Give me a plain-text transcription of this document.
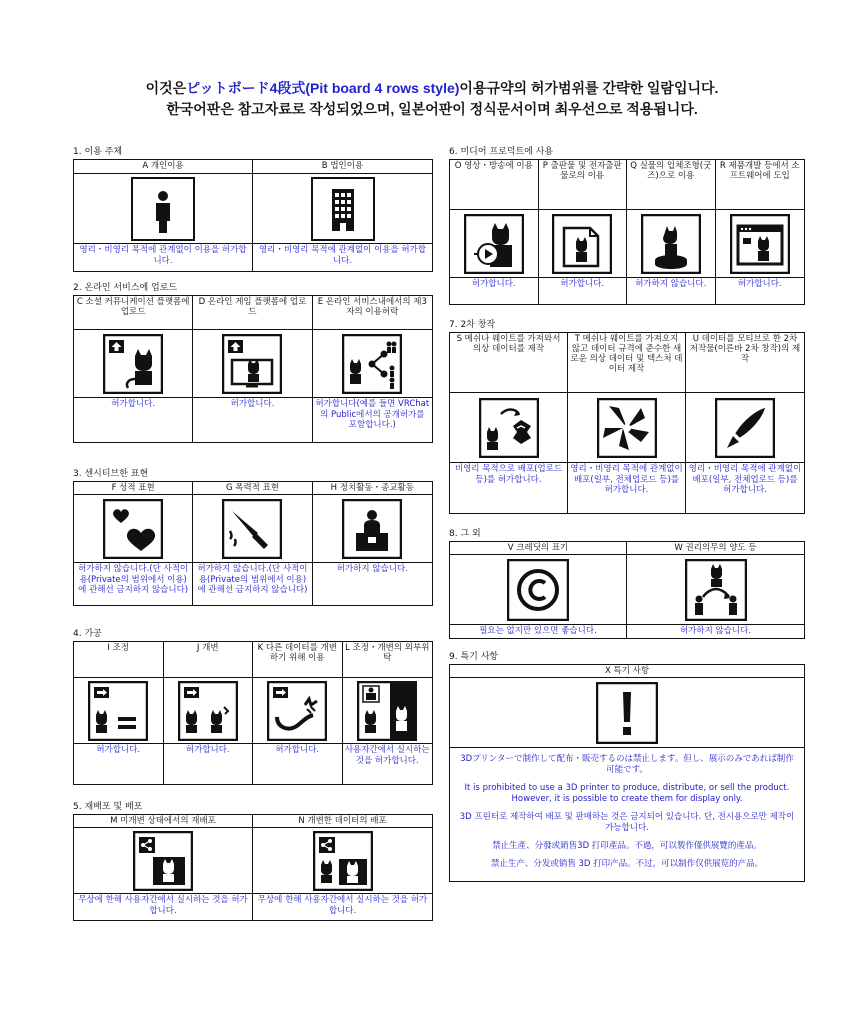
이것은ピットボード4段式(Pit board 4 rows style)이용규약의 허가범위를 간략한 일람입니다.
한국어판은 참고자료로 작성되었으며, 일본어판이 정식문서이며 최우선으로 적용됩니다.
1. 이용 주체
A 개인이용
영리・비영리 목적에 관계없이 이용을 허가합니다.
B 법인이용
영리・비영리 목적에 관계없이 이용을 허가합니다.
2. 온라인 서비스에 업로드
C 소셜 커뮤니케이션 플랫폼에 업로드
허가합니다.
D 온라인 게임 플랫폼에 업로드
허가합니다.
E 온라인 서비스내에서의 제3자의 이용허락
허가합니다(예를 들면 VRChat의 Public에서의 공개허가를 포함합니다.)
3. 센시티브한 표현
F 성적 표현
허가하지 않습니다.(단 사적이용(Private의 범위에서 이용)에 관해선 금지하지 않습니다)
G 폭력적 표현
허가하지 않습니다.(단 사적이용(Private의 범위에서 이용)에 관해선 금지하지 않습니다)
H 정치활동・종교활동
허가하지 않습니다.
4. 가공
I 조정
허가합니다.
J 개변
허가합니다.
K 다른 데이터를 개변하기 위해 이용
허가합니다.
L 조정・개변의 외부위탁
사용자간에서 실시하는 것을 허가합니다.
5. 재배포 및 배포
M 미개변 상태에서의 재배포
무상에 한해 사용자간에서 실시하는 것을 허가합니다.
N 개변한 데이터의 배포
무상에 한해 사용자간에서 실시하는 것을 허가합니다.
6. 미디어 프로덕트에 사용
O 영상・방송에 이용
허가합니다.
P 출판물 및 전자출판물로의 이용
허가합니다.
Q 실물의 입체조형(굿즈)으로 이용
허가하지 않습니다.
R 제품개발 등에서 소프트웨어에 도입
허가합니다.
7. 2차 창작
S 메쉬나 웨이트를 가져와서 의상 데이터를 제작
비영리 목적으로 배포(업로드 등)를 허가합니다.
T 메쉬나 웨이트를 가져오지 않고 데이터 규격에 준수한 새로운 의상 데이터 및 텍스처 데이터 제작
영리・비영리 목적에 관계없이 배포(일부, 전체업로드 등)를 허가합니다.
U 데이터를 모티브로 한 2차 저작물(이른바 2차 창작)의 제작
영리・비영리 목적에 관계없이 배포(일부, 전체업로드 등)를 허가합니다.
8. 그 외
V 크레딧의 표기
필요는 없지만 있으면 좋습니다.
W 권리의무의 양도 등
허가하지 않습니다.
9. 특기 사항
X 특기 사항
3Dプリンターで制作して配布・販売するのは禁止します。但し、展示のみであれば制作可能です。
It is prohibited to use a 3D printer to produce, distribute, or sell the product. However, it is possible to create them for display only.
3D 프린터로 제작하여 배포 및 판매하는 것은 금지되어 있습니다. 단, 전시용으로만 제작이 가능합니다.
禁止生產、分發或銷售3D 打印產品。不過，可以製作僅供展覽的產品。
禁止生产、分发或销售 3D 打印产品。不过，可以制作仅供展览的产品。
